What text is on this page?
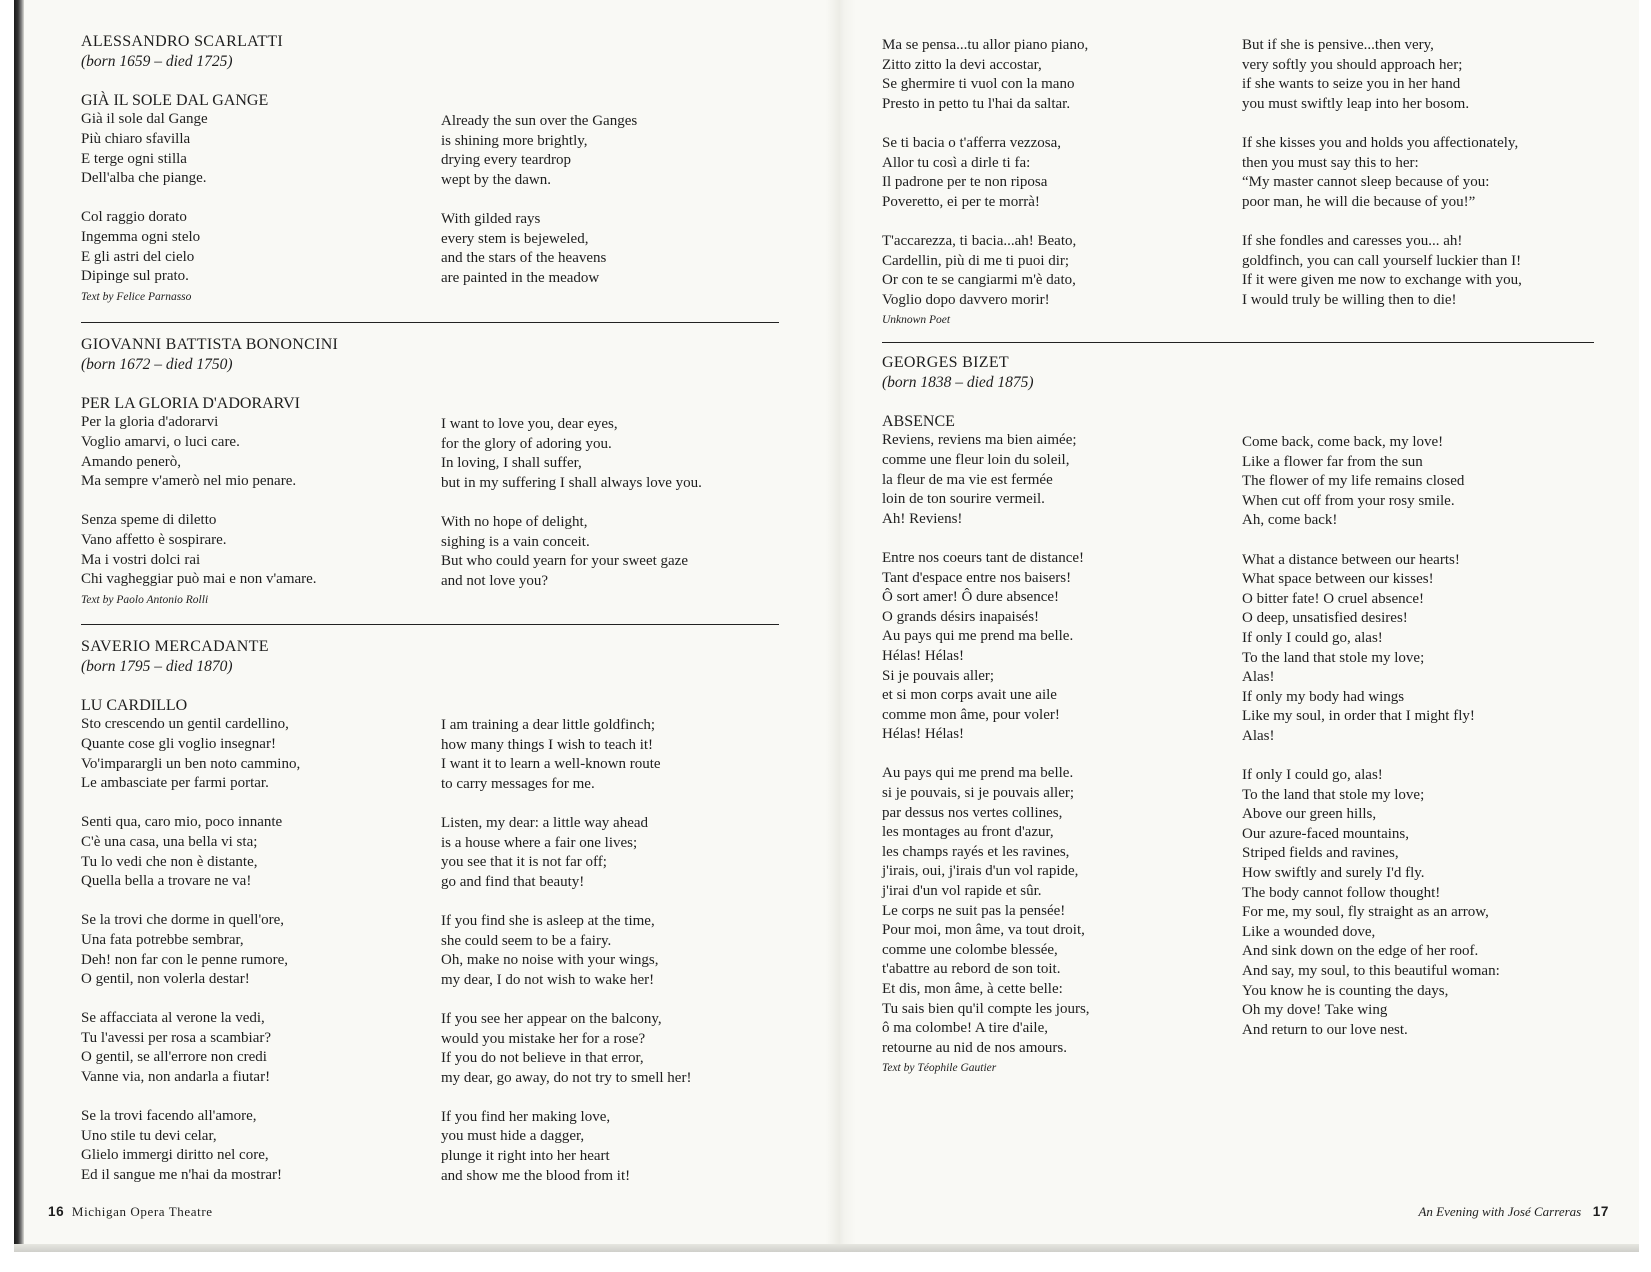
ALESSANDRO SCARLATTI
(born 1659 – died 1725)
GIÀ IL SOLE DAL GANGE
Già il sole dal Gange
Più chiaro sfavilla
E terge ogni stilla
Dell'alba che piange.
Col raggio dorato
Ingemma ogni stelo
E gli astri del cielo
Dipinge sul prato.
Text by Felice Parnasso
Already the sun over the Ganges
is shining more brightly,
drying every teardrop
wept by the dawn.
With gilded rays
every stem is bejeweled,
and the stars of the heavens
are painted in the meadow
GIOVANNI BATTISTA BONONCINI
(born 1672 – died 1750)
PER LA GLORIA D'ADORARVI
Per la gloria d'adorarvi
Voglio amarvi, o luci care.
Amando penerò,
Ma sempre v'amerò nel mio penare.
Senza speme di diletto
Vano affetto è sospirare.
Ma i vostri dolci rai
Chi vagheggiar può mai e non v'amare.
Text by Paolo Antonio Rolli
I want to love you, dear eyes,
for the glory of adoring you.
In loving, I shall suffer,
but in my suffering I shall always love you.
With no hope of delight,
sighing is a vain conceit.
But who could yearn for your sweet gaze
and not love you?
SAVERIO MERCADANTE
(born 1795 – died 1870)
LU CARDILLO
Sto crescendo un gentil cardellino,
Quante cose gli voglio insegnar!
Vo'imparargli un ben noto cammino,
Le ambasciate per farmi portar.
Senti qua, caro mio, poco innante
C'è una casa, una bella vi sta;
Tu lo vedi che non è distante,
Quella bella a trovare ne va!
Se la trovi che dorme in quell'ore,
Una fata potrebbe sembrar,
Deh! non far con le penne rumore,
O gentil, non volerla destar!
Se affacciata al verone la vedi,
Tu l'avessi per rosa a scambiar?
O gentil, se all'errore non credi
Vanne via, non andarla a fiutar!
Se la trovi facendo all'amore,
Uno stile tu devi celar,
Glielo immergi diritto nel core,
Ed il sangue me n'hai da mostrar!
I am training a dear little goldfinch;
how many things I wish to teach it!
I want it to learn a well-known route
to carry messages for me.
Listen, my dear: a little way ahead
is a house where a fair one lives;
you see that it is not far off;
go and find that beauty!
If you find she is asleep at the time,
she could seem to be a fairy.
Oh, make no noise with your wings,
my dear, I do not wish to wake her!
If you see her appear on the balcony,
would you mistake her for a rose?
If you do not believe in that error,
my dear, go away, do not try to smell her!
If you find her making love,
you must hide a dagger,
plunge it right into her heart
and show me the blood from it!
16 Michigan Opera Theatre
Ma se pensa...tu allor piano piano,
Zitto zitto la devi accostar,
Se ghermire ti vuol con la mano
Presto in petto tu l'hai da saltar.
Se ti bacia o t'afferra vezzosa,
Allor tu così a dirle ti fa:
Il padrone per te non riposa
Poveretto, ei per te morrà!
T'accarezza, ti bacia...ah! Beato,
Cardellin, più di me ti puoi dir;
Or con te se cangiarmi m'è dato,
Voglio dopo davvero morir!
Unknown Poet
But if she is pensive...then very,
very softly you should approach her;
if she wants to seize you in her hand
you must swiftly leap into her bosom.
If she kisses you and holds you affectionately,
then you must say this to her:
“My master cannot sleep because of you:
poor man, he will die because of you!”
If she fondles and caresses you... ah!
goldfinch, you can call yourself luckier than I!
If it were given me now to exchange with you,
I would truly be willing then to die!
GEORGES BIZET
(born 1838 – died 1875)
ABSENCE
Reviens, reviens ma bien aimée;
comme une fleur loin du soleil,
la fleur de ma vie est fermée
loin de ton sourire vermeil.
Ah! Reviens!
Entre nos coeurs tant de distance!
Tant d'espace entre nos baisers!
Ô sort amer! Ô dure absence!
O grands désirs inapaisés!
Au pays qui me prend ma belle.
Hélas! Hélas!
Si je pouvais aller;
et si mon corps avait une aile
comme mon âme, pour voler!
Hélas! Hélas!
Au pays qui me prend ma belle.
si je pouvais, si je pouvais aller;
par dessus nos vertes collines,
les montages au front d'azur,
les champs rayés et les ravines,
j'irais, oui, j'irais d'un vol rapide,
j'irai d'un vol rapide et sûr.
Le corps ne suit pas la pensée!
Pour moi, mon âme, va tout droit,
comme une colombe blessée,
t'abattre au rebord de son toit.
Et dis, mon âme, à cette belle:
Tu sais bien qu'il compte les jours,
ô ma colombe! A tire d'aile,
retourne au nid de nos amours.
Text by Téophile Gautier
Come back, come back, my love!
Like a flower far from the sun
The flower of my life remains closed
When cut off from your rosy smile.
Ah, come back!
What a distance between our hearts!
What space between our kisses!
O bitter fate! O cruel absence!
O deep, unsatisfied desires!
If only I could go, alas!
To the land that stole my love;
Alas!
If only my body had wings
Like my soul, in order that I might fly!
Alas!
If only I could go, alas!
To the land that stole my love;
Above our green hills,
Our azure-faced mountains,
Striped fields and ravines,
How swiftly and surely I'd fly.
The body cannot follow thought!
For me, my soul, fly straight as an arrow,
Like a wounded dove,
And sink down on the edge of her roof.
And say, my soul, to this beautiful woman:
You know he is counting the days,
Oh my dove! Take wing
And return to our love nest.
An Evening with José Carreras 17
